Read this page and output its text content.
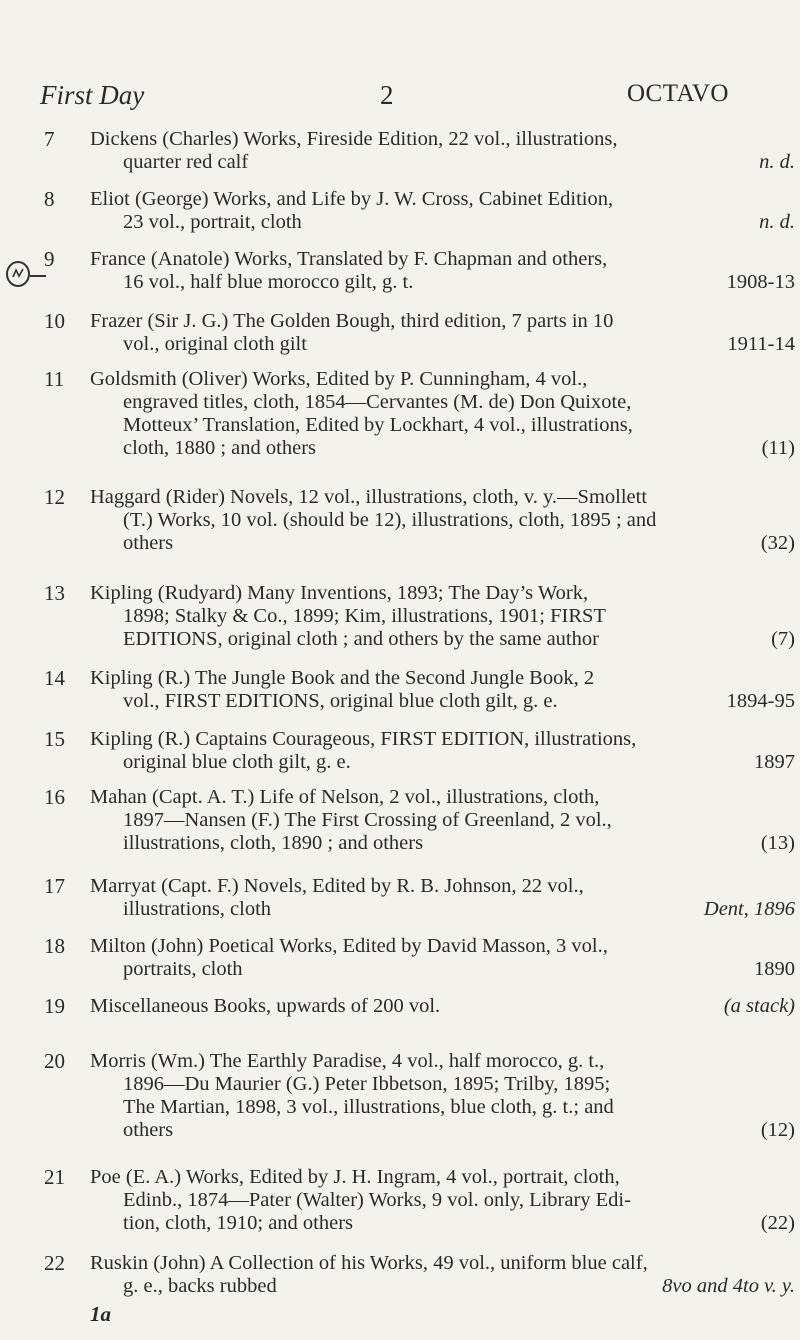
First Day	2	OCTAVO
7	Dickens (Charles) Works, Fireside Edition, 22 vol., illustrations,
quarter red calf	n. d.
8	Eliot (George) Works, and Life by J. W. Cross, Cabinet Edition,
23 vol., portrait, cloth	n. d.
9	France (Anatole) Works, Translated by F. Chapman and others,
16 vol., half blue morocco gilt, g. t.	1908-13
10	Frazer (Sir J. G.) The Golden Bough, third edition, 7 parts in 10
vol., original cloth gilt	1911-14
11	Goldsmith (Oliver) Works, Edited by P. Cunningham, 4 vol.,
engraved titles, cloth, 1854—Cervantes (M. de) Don Quixote,
Motteux’ Translation, Edited by Lockhart, 4 vol., illustrations,
cloth, 1880 ; and others	(11)
12	Haggard (Rider) Novels, 12 vol., illustrations, cloth, v. y.—Smollett
(T.) Works, 10 vol. (should be 12), illustrations, cloth, 1895 ; and
others	(32)
13	Kipling (Rudyard) Many Inventions, 1893; The Day’s Work,
1898; Stalky & Co., 1899; Kim, illustrations, 1901; FIRST
EDITIONS, original cloth ; and others by the same author	(7)
14	Kipling (R.) The Jungle Book and the Second Jungle Book, 2
vol., FIRST EDITIONS, original blue cloth gilt, g. e.	1894-95
15	Kipling (R.) Captains Courageous, FIRST EDITION, illustrations,
original blue cloth gilt, g. e.	1897
16	Mahan (Capt. A. T.) Life of Nelson, 2 vol., illustrations, cloth,
1897—Nansen (F.) The First Crossing of Greenland, 2 vol.,
illustrations, cloth, 1890 ; and others	(13)
17	Marryat (Capt. F.) Novels, Edited by R. B. Johnson, 22 vol.,
illustrations, cloth	Dent, 1896
18	Milton (John) Poetical Works, Edited by David Masson, 3 vol.,
portraits, cloth	1890
19	Miscellaneous Books, upwards of 200 vol.	(a stack)
20	Morris (Wm.) The Earthly Paradise, 4 vol., half morocco, g. t.,
1896—Du Maurier (G.) Peter Ibbetson, 1895; Trilby, 1895;
The Martian, 1898, 3 vol., illustrations, blue cloth, g. t.; and
others	(12)
21	Poe (E. A.) Works, Edited by J. H. Ingram, 4 vol., portrait, cloth,
Edinb., 1874—Pater (Walter) Works, 9 vol. only, Library Edi-
tion, cloth, 1910; and others	(22)
22	Ruskin (John) A Collection of his Works, 49 vol., uniform blue calf,
g. e., backs rubbed	8vo and 4to v. y.
1a
